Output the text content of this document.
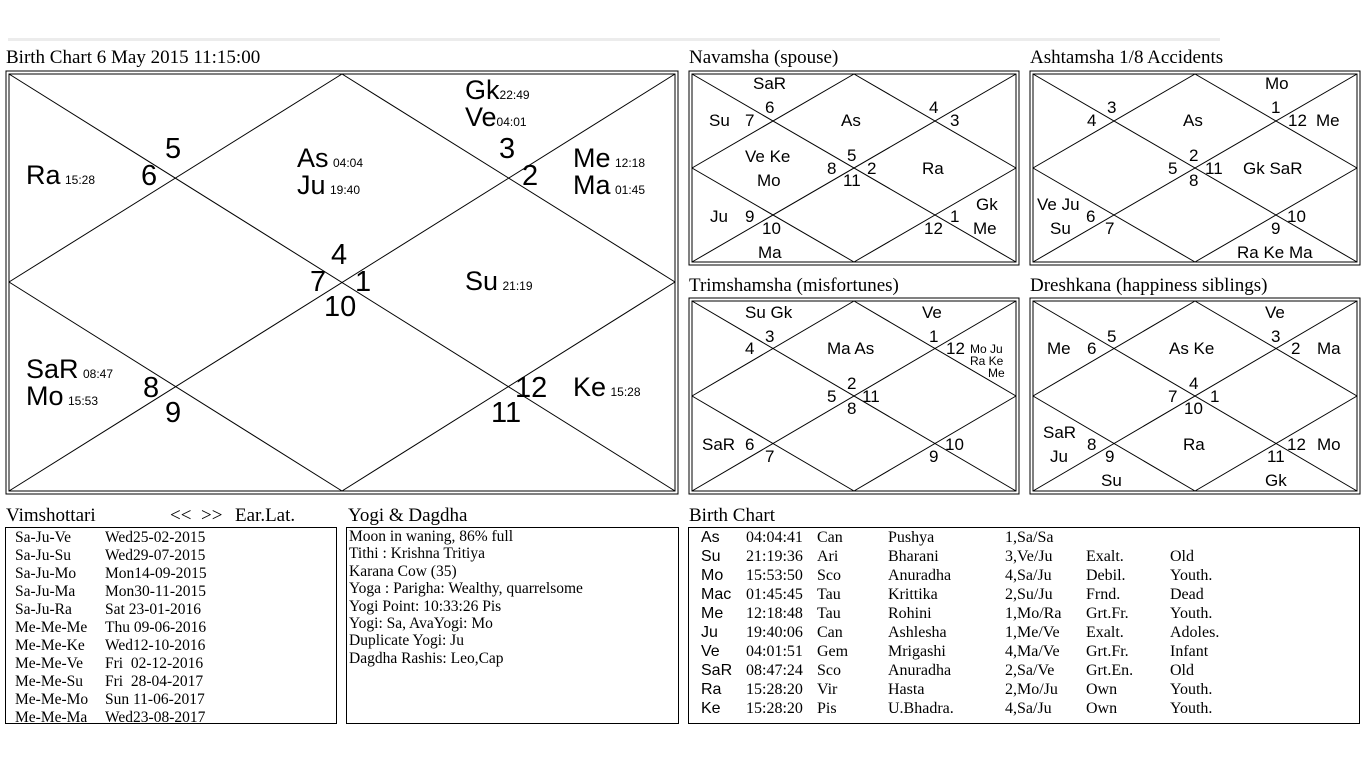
Birth Chart 6 May 2015 11:15:00
As 04:04
Ju 19:40
Gk22:49
Ve04:01
Me 12:18
Ma 01:45
Ra 15:28
Su 21:19
SaR 08:47
Mo 15:53	Ke 15:28
5
6
3
2
4
7 1
10
8
9
12
11
Navamsha (spouse)
SaR
Su	As
Ve Ke
Mo
Ra
Ju
Gk
Me
Ma
6
7
4
3
5
8 2
11
9
10
1
12
Ashtamsha 1/8 Accidents
Mo
As	Me
Gk SaR
Ve Ju
Su
Ra Ke Ma
3
4
1
12
2
5 11
8
6
7	9
10
Trimshamsha (misfortunes)
Su Gk	Ve
Ma As	Mo Ju
Ra Ke
Me
SaR
3
4
1
12
2
5 11
8
6
7	9
10
Dreshkana (happiness siblings)
Ve
Me	As Ke	Ma
SaR
Ju
Ra	Mo
Su	Gk
5
6
3
2
4
7 1
10
8
9
12
11
Vimshottari	<< >> Ear.Lat.
Sa-Ju-Ve Wed25-02-2015
Sa-Ju-Su Wed29-07-2015
Sa-Ju-Mo Mon14-09-2015
Sa-Ju-Ma Mon30-11-2015
Sa-Ju-Ra Sat 23-01-2016
Me-Me-Me Thu 09-06-2016
Me-Me-Ke Wed12-10-2016
Me-Me-Ve Fri  02-12-2016
Me-Me-Su Fri  28-04-2017
Me-Me-Mo Sun 11-06-2017
Me-Me-Ma Wed23-08-2017
Yogi & Dagdha
Moon in waning, 86% full
Tithi : Krishna Tritiya
Karana Cow (35)
Yoga : Parigha: Wealthy, quarrelsome
Yogi Point: 10:33:26 Pis
Yogi: Sa, AvaYogi: Mo
Duplicate Yogi: Ju
Dagdha Rashis: Leo,Cap
Birth Chart
As 04:04:41 Can	Pushya	1,Sa/Sa
Su 21:19:36 Ari	Bharani	3,Ve/Ju Exalt.	Old
Mo 15:53:50 Sco	Anuradha	4,Sa/Ju Debil.	Youth.
Mac 01:45:45 Tau	Krittika	2,Su/Ju Frnd.	Dead
Me 12:18:48 Tau	Rohini	1,Mo/Ra Grt.Fr.	Youth.
Ju 19:40:06 Can	Ashlesha	1,Me/Ve Exalt.	Adoles.
Ve 04:01:51 Gem Mrigashi	4,Ma/Ve Grt.Fr.	Infant
SaR 08:47:24 Sco	Anuradha	2,Sa/Ve Grt.En. Old
Ra 15:28:20 Vir	Hasta	2,Mo/Ju Own	Youth.
Ke 15:28:20 Pis	U.Bhadra.	4,Sa/Ju Own	Youth.
